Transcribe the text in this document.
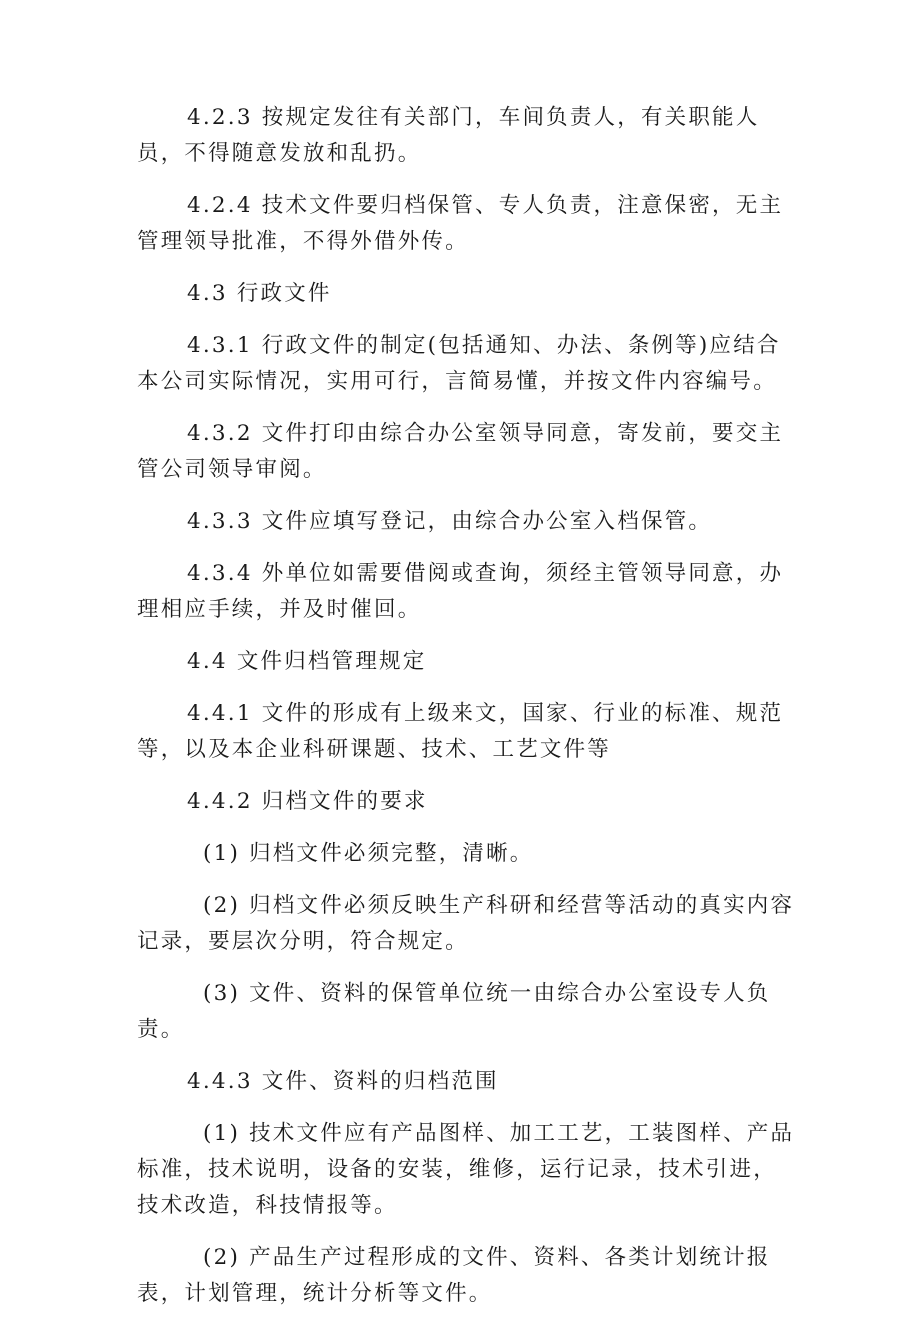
4.2.3 按规定发往有关部门，车间负责人，有关职能人员，不得随意发放和乱扔。

4.2.4 技术文件要归档保管、专人负责，注意保密，无主管理领导批准，不得外借外传。

4.3 行政文件

4.3.1 行政文件的制定(包括通知、办法、条例等)应结合本公司实际情况，实用可行，言简易懂，并按文件内容编号。

4.3.2 文件打印由综合办公室领导同意，寄发前，要交主管公司领导审阅。

4.3.3 文件应填写登记，由综合办公室入档保管。

4.3.4 外单位如需要借阅或查询，须经主管领导同意，办理相应手续，并及时催回。

4.4 文件归档管理规定

4.4.1 文件的形成有上级来文，国家、行业的标准、规范等，以及本企业科研课题、技术、工艺文件等

4.4.2 归档文件的要求

(1) 归档文件必须完整，清晰。

(2) 归档文件必须反映生产科研和经营等活动的真实内容记录，要层次分明，符合规定。

(3) 文件、资料的保管单位统一由综合办公室设专人负责。

4.4.3 文件、资料的归档范围

(1) 技术文件应有产品图样、加工工艺，工装图样、产品标准，技术说明，设备的安装，维修，运行记录，技术引进，技术改造，科技情报等。

(2) 产品生产过程形成的文件、资料、各类计划统计报表，计划管理，统计分析等文件。
